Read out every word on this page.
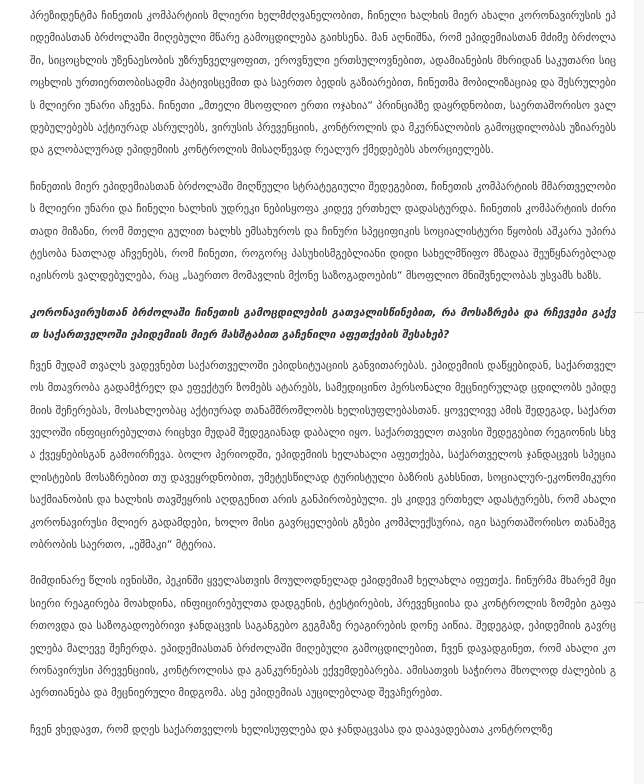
პრეზიდენტმა ჩინეთის კომპარტიის მლიერი ხელმძღვანელობით, ჩინელი ხალხის მიერ ახალი კორონავირუსის ეპიდემიასთან ბრძოლაში მიღებული მწარე გამოცდილება გაიხსენა. მან აღნიშნა, რომ ეპიდემიასთან მძიმე ბრძოლაში, სიცოცხლის უზენაესობის უზრუნველყოფით, ეროვნული ერთსულოვნებით, ადამიანების მხრიდან საკუთარი სიცოცხლის ურთიერთობისადმი პატივისცემით და საერთო ბედის გაზიარებით, ჩინეთმა მობილიზაციაჲ და შესრულების მლიერი უნარი აჩვენა. ჩინეთი „მთელი მსოფლიო ერთი ოჯახია“ პრინციპზე დაყრდნობით, საერთაშორისო ვალდებულებებს აქტიურად ასრულებს, ვირუსის პრევენციის, კონტროლის და მკურნალობის გამოცდილობას უზიარებს და გლობალურად ეპიდემიის კონტროლის მისაღწევად რეალურ ქმედებებს ახორციელებს.

ჩინეთის მიერ ეპიდემიასთან ბრძოლაში მიღწეული სტრატეგიული შედეგებით, ჩინეთის კომპარტიის მმართველობის მლიერი უნარი და ჩინელი ხალხის უდრეკი ნებისყოფა კიდევ ერთხელ დადასტურდა. ჩინეთის კომპარტიის ძირითადი მიზანი, რომ მთელი გულით ხალხს ემსახუროს და ჩინური სპეციფიკის სოციალისტური წყობის აშკარა უპირატესობა ნათლად აჩვენებს, რომ ჩინეთი, როგორც პასუხისმგებლიანი დიდი სახელმწიფო მზადაა შეუწყნარებლად იკისროს ვალდებულება, რაც „საერთო მომავლის მქონე საზოგადოების“ მსოფლიო მნიშვნელობას უსვამს ხაზს.

კორონავირუსთან ბრძოლაში ჩინეთის გამოცდილების გათვალისწინებით, რა მოსაზრება და რჩევები გაქვთ საქართველოში ეპიდემიის მიერ მასშტაბით გაჩენილი აფეთქების შესახებ?

ჩვენ მუდამ თვალს ვადევნებთ საქართველოში ეპიდსიტუაციის განვითარებას. ეპიდემიის დაწყებიდან, საქართველოს მთავრობა გადამჭრელ და ეფექტურ ზომებს ატარებს, სამედიცინო პერსონალი მეცნიერულად ცდილობს ეპიდემიის შეჩერებას, მოსახლეობაც აქტიურად თანამშრომლობს ხელისუფლებასთან. ყოველივე ამის შედეგად, საქართველოში ინფიცირებულთა რიცხვი მუდამ შედეგიანად დაბალი იყო. საქართველო თავისი შედეგებით რეგიონის სხვა ქვეყნებისგან გამოირჩევა. ბოლო პერიოდში, ეპიდემიის ხელახალი აფეთქება, საქართველოს ჯანდაცვის სპეციალისტების მოსაზრებით თუ დავეყრდნობით, უმეტესწილად ტურისტული ბაზრის გახსნით, სოციალურ-ეკონომიკური საქმიანობის და ხალხის თავშეყრის აღდგენით არის განპირობებული. ეს კიდევ ერთხელ ადასტურებს, რომ ახალი კორონავირუსი მლიერ გადამდები, ხოლო მისი გავრცელების გზები კომპლექსურია, იგი საერთაშორისო თანამეგობრობის საერთო, „ეშმაკი“ მტერია.

მიმდინარე წლის ივნისში, პეკინში ყველასთვის მოულოდნელად ეპიდემიამ ხელახლა იფეთქა. ჩინურმა მხარემ მყისიერი რეაგირება მოახდინა, ინფიცირებულთა დადგენის, ტესტირების, პრევენციისა და კონტროლის ზომები გაფართოვდა და საზოგადოებრივი ჯანდაცვის საგანგებო გეგმაზე რეაგირების დონე აიწია. შედეგად, ეპიდემიის გავრცელება მალევე შეჩერდა. ეპიდემიასთან ბრძოლაში მიღებული გამოცდილებით, ჩვენ დავადგინეთ, რომ ახალი კორონავირუსი პრევენციის, კონტროლისა და განკურნებას ექვემდებარება. ამისათვის საჭიროა მხოლოდ ძალების გაერთიანება და მეცნიერული მიდგომა. ასე ეპიდემიას აუცილებლად შევაჩერებთ.

ჩვენ ვხედავთ, რომ დღეს საქართველოს ხელისუფლება და ჯანდაცვასა და დაავადებათა კონტროლზე
